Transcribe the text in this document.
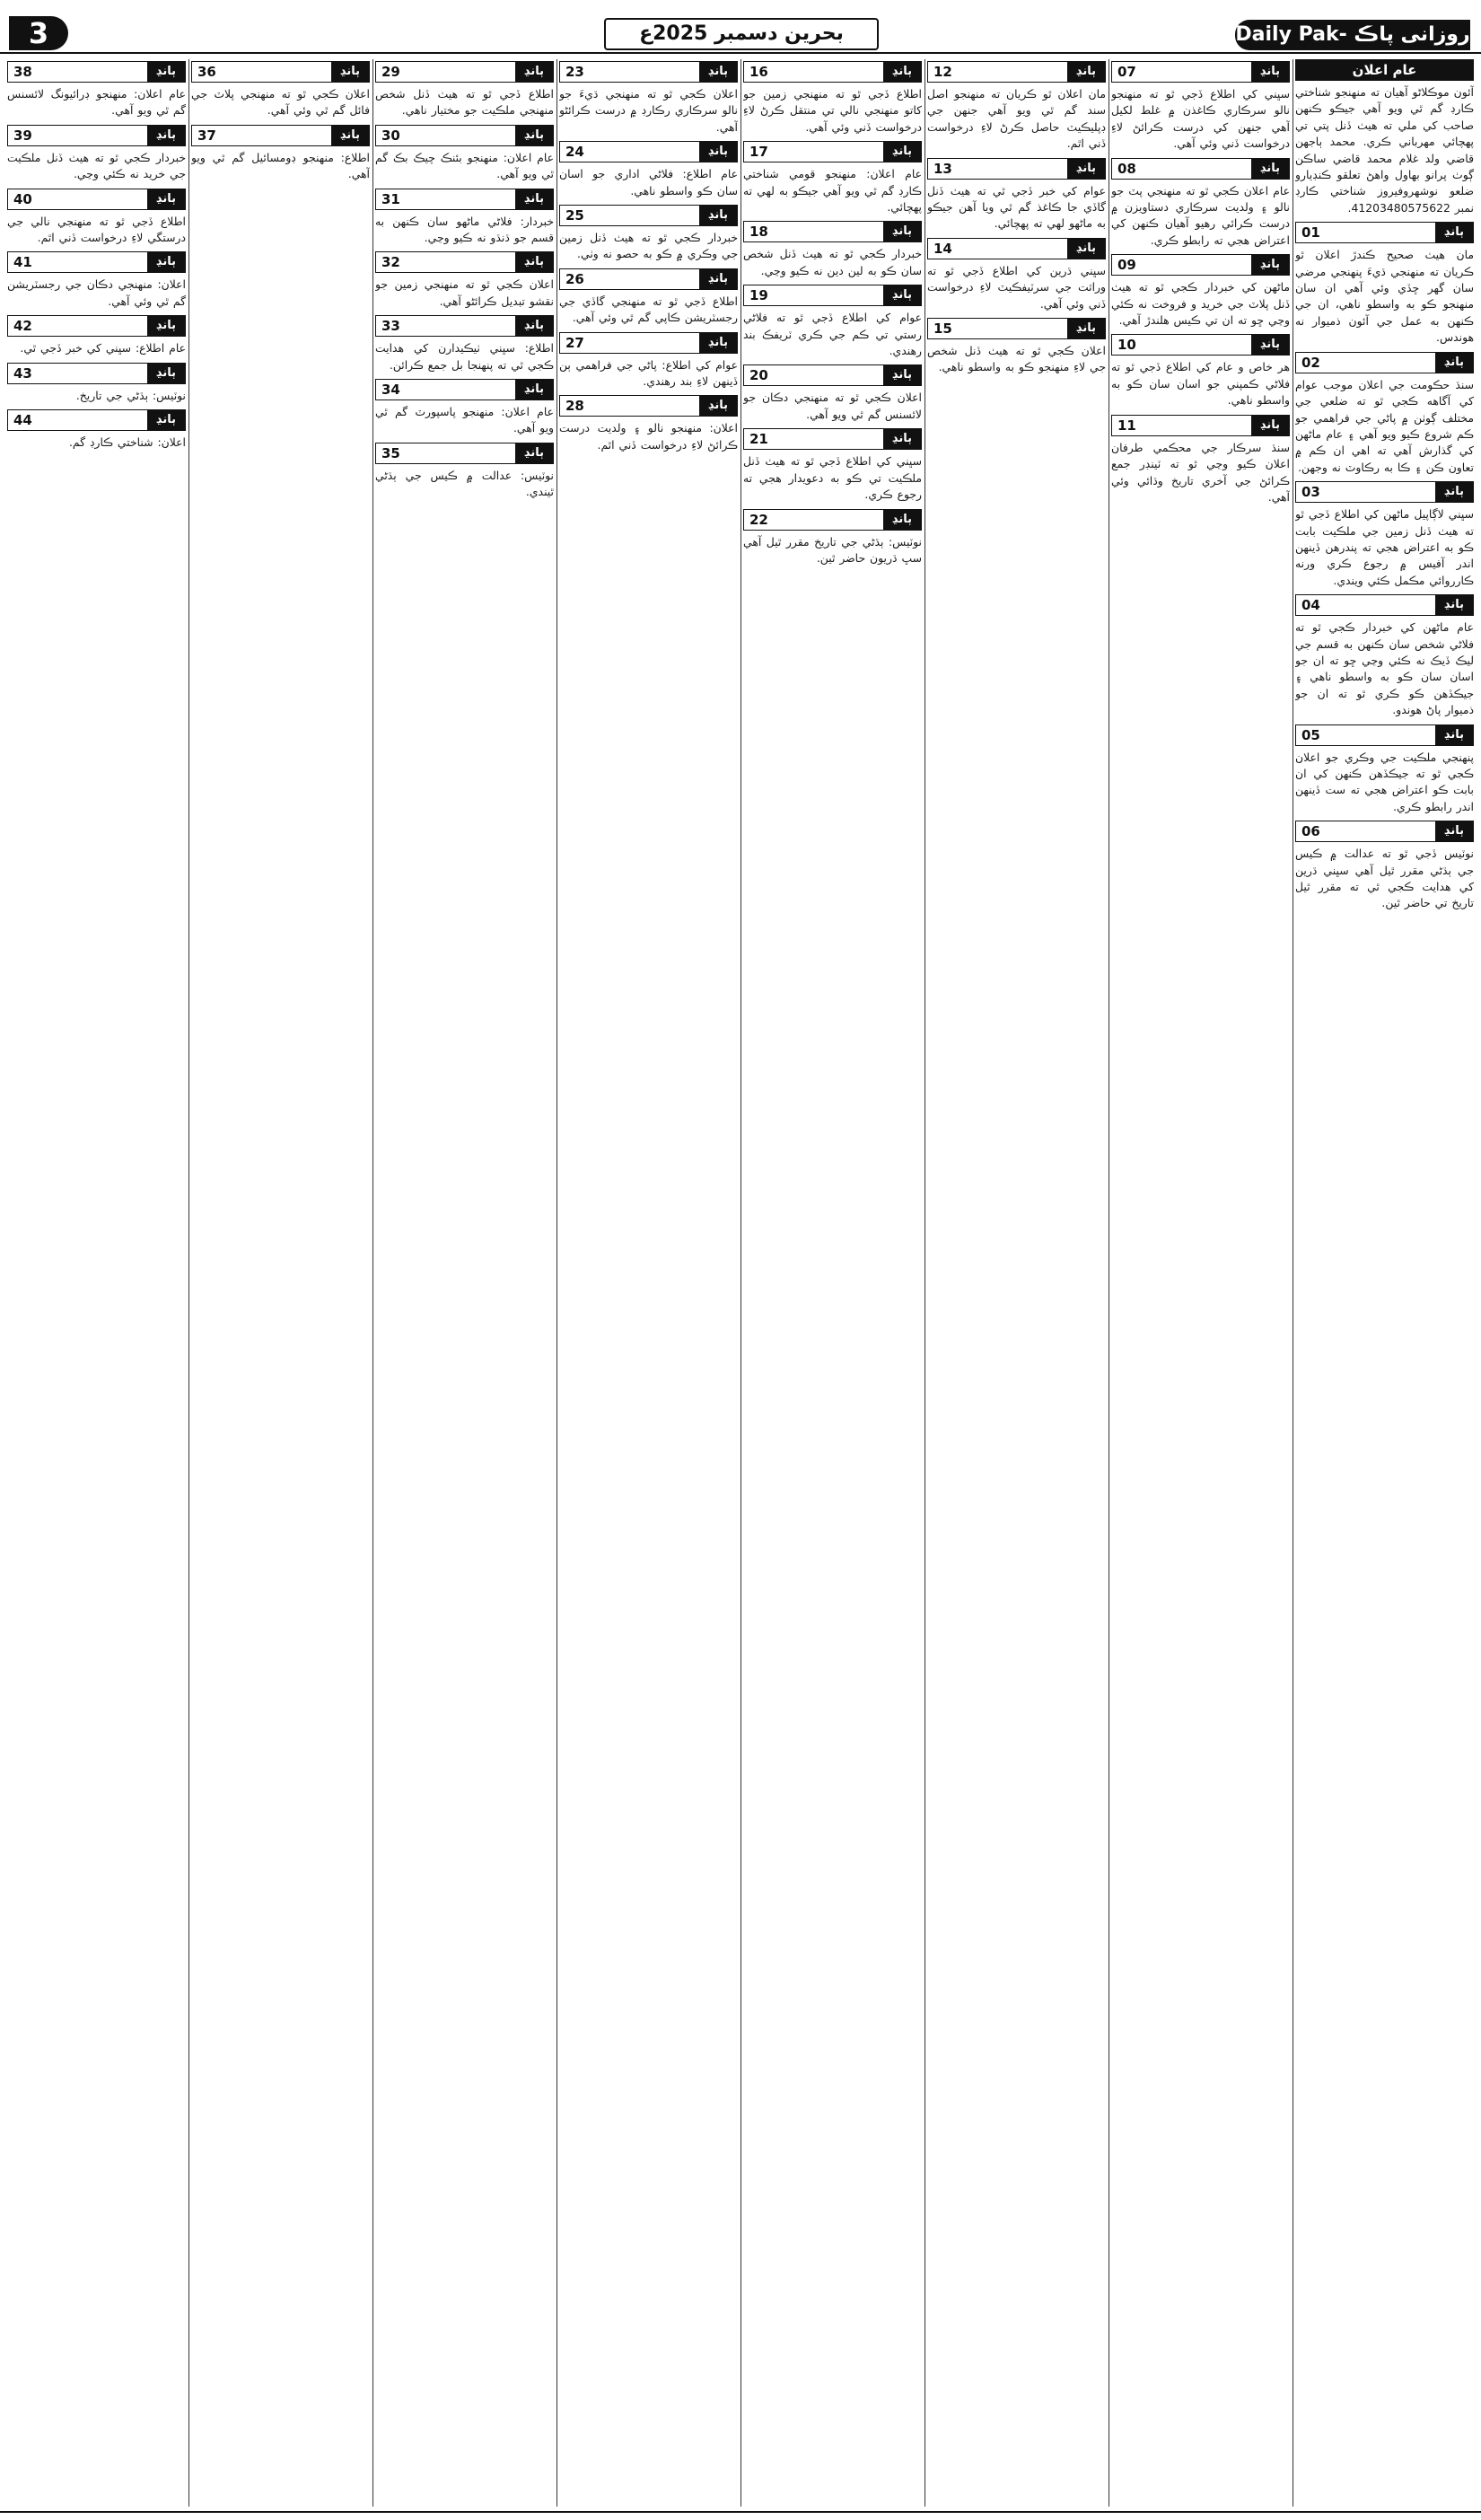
3	بحرین دسمبر 2025ع	Daily Pak- روزانی پاڪ
عام اعلان
آئون موڪلاڻو آهيان ته منهنجو شناختي ڪارڊ گم ٿي ويو آهي جيڪو ڪنهن صاحب کي ملي ته هيٺ ڏنل پتي تي پهچائي مهرباني ڪري. محمد ٻاجهن قاضي ولد غلام محمد قاضي ساڪن ڳوٺ پرانو بهاول واهڻ تعلقو ڪنڊيارو ضلعو نوشهروفيروز شناختي ڪارڊ نمبر 41203480575622.
01	ٻانڍ
مان هيٺ صحيح ڪندڙ اعلان ٿو ڪريان ته منهنجي ڌيءَ پنهنجي مرضي سان گهر ڇڏي وئي آهي ان سان منهنجو ڪو به واسطو ناهي، ان جي ڪنهن به عمل جي آئون ذميوار نه هوندس.
02	ٻانڍ
سنڌ حڪومت جي اعلان موجب عوام کي آگاهه ڪجي ٿو ته ضلعي جي مختلف ڳوٺن ۾ پاڻي جي فراهمي جو ڪم شروع ڪيو ويو آهي ۽ عام ماڻهن کي گذارش آهي ته اهي ان ڪم ۾ تعاون ڪن ۽ ڪا به رڪاوٽ نه وجهن.
03	ٻانڍ
سڀني لاڳاپيل ماڻهن کي اطلاع ڏجي ٿو ته هيٺ ڏنل زمين جي ملڪيت بابت ڪو به اعتراض هجي ته پندرهن ڏينهن اندر آفيس ۾ رجوع ڪري ورنه ڪارروائي مڪمل ڪئي ويندي.
04	ٻانڍ
عام ماڻهن کي خبردار ڪجي ٿو ته فلاڻي شخص سان ڪنهن به قسم جي ليڪ ڏيڪ نه ڪئي وڃي ڇو ته ان جو اسان سان ڪو به واسطو ناهي ۽ جيڪڏهن ڪو ڪري ٿو ته ان جو ذميوار پاڻ هوندو.
05	ٻانڍ
پنهنجي ملڪيت جي وڪري جو اعلان ڪجي ٿو ته جيڪڏهن ڪنهن کي ان بابت ڪو اعتراض هجي ته ست ڏينهن اندر رابطو ڪري.
06	ٻانڍ
نوٽيس ڏجي ٿو ته عدالت ۾ ڪيس جي ٻڌڻي مقرر ٿيل آهي سڀني ڌرين کي هدايت ڪجي ٿي ته مقرر ٿيل تاريخ تي حاضر ٿين.
07	ٻانڍ
سڀني کي اطلاع ڏجي ٿو ته منهنجو نالو سرڪاري ڪاغذن ۾ غلط لکيل آهي جنهن کي درست ڪرائڻ لاءِ درخواست ڏني وئي آهي.
08	ٻانڍ
عام اعلان ڪجي ٿو ته منهنجي پٽ جو نالو ۽ ولديت سرڪاري دستاويزن ۾ درست ڪرائي رهيو آهيان ڪنهن کي اعتراض هجي ته رابطو ڪري.
09	ٻانڍ
ماڻهن کي خبردار ڪجي ٿو ته هيٺ ڏنل پلاٽ جي خريد و فروخت نه ڪئي وڃي ڇو ته ان تي ڪيس هلندڙ آهي.
10	ٻانڍ
هر خاص و عام کي اطلاع ڏجي ٿو ته فلاڻي ڪمپني جو اسان سان ڪو به واسطو ناهي.
11	ٻانڍ
سنڌ سرڪار جي محڪمي طرفان اعلان ڪيو وڃي ٿو ته ٽينڊر جمع ڪرائڻ جي آخري تاريخ وڌائي وئي آهي.
12	ٻانڍ
مان اعلان ٿو ڪريان ته منهنجو اصل سند گم ٿي ويو آهي جنهن جي ڊپليڪيٽ حاصل ڪرڻ لاءِ درخواست ڏني اٿم.
13	ٻانڍ
عوام کي خبر ڏجي ٿي ته هيٺ ڏنل گاڏي جا ڪاغذ گم ٿي ويا آهن جيڪو به ماڻهو لهي ته پهچائي.
14	ٻانڍ
سڀني ڌرين کي اطلاع ڏجي ٿو ته وراثت جي سرٽيفڪيٽ لاءِ درخواست ڏني وئي آهي.
15	ٻانڍ
اعلان ڪجي ٿو ته هيٺ ڏنل شخص جي لاءِ منهنجو ڪو به واسطو ناهي.
16	ٻانڍ
اطلاع ڏجي ٿو ته منهنجي زمين جو کاتو منهنجي نالي تي منتقل ڪرڻ لاءِ درخواست ڏني وئي آهي.
17	ٻانڍ
عام اعلان: منهنجو قومي شناختي ڪارڊ گم ٿي ويو آهي جيڪو به لهي ته پهچائي.
18	ٻانڍ
خبردار ڪجي ٿو ته هيٺ ڏنل شخص سان ڪو به لين دين نه ڪيو وڃي.
19	ٻانڍ
عوام کي اطلاع ڏجي ٿو ته فلاڻي رستي تي ڪم جي ڪري ٽريفڪ بند رهندي.
20	ٻانڍ
اعلان ڪجي ٿو ته منهنجي دڪان جو لائسنس گم ٿي ويو آهي.
21	ٻانڍ
سڀني کي اطلاع ڏجي ٿو ته هيٺ ڏنل ملڪيت تي ڪو به دعويدار هجي ته رجوع ڪري.
22	ٻانڍ
نوٽيس: ٻڌڻي جي تاريخ مقرر ٿيل آهي سڀ ڌريون حاضر ٿين.
23	ٻانڍ
اعلان ڪجي ٿو ته منهنجي ڌيءَ جو نالو سرڪاري رڪارڊ ۾ درست ڪرائڻو آهي.
24	ٻانڍ
عام اطلاع: فلاڻي اداري جو اسان سان ڪو واسطو ناهي.
25	ٻانڍ
خبردار ڪجي ٿو ته هيٺ ڏنل زمين جي وڪري ۾ ڪو به حصو نه وٺي.
26	ٻانڍ
اطلاع ڏجي ٿو ته منهنجي گاڏي جي رجسٽريشن ڪاپي گم ٿي وئي آهي.
27	ٻانڍ
عوام کي اطلاع: پاڻي جي فراهمي ٻن ڏينهن لاءِ بند رهندي.
28	ٻانڍ
اعلان: منهنجو نالو ۽ ولديت درست ڪرائڻ لاءِ درخواست ڏني اٿم.
29	ٻانڍ
اطلاع ڏجي ٿو ته هيٺ ڏنل شخص منهنجي ملڪيت جو مختيار ناهي.
30	ٻانڍ
عام اعلان: منهنجو بئنڪ چيڪ بڪ گم ٿي ويو آهي.
31	ٻانڍ
خبردار: فلاڻي ماڻهو سان ڪنهن به قسم جو ڌنڌو نه ڪيو وڃي.
32	ٻانڍ
اعلان ڪجي ٿو ته منهنجي زمين جو نقشو تبديل ڪرائڻو آهي.
33	ٻانڍ
اطلاع: سڀني ٺيڪيدارن کي هدايت ڪجي ٿي ته پنهنجا بل جمع ڪرائن.
34	ٻانڍ
عام اعلان: منهنجو پاسپورٽ گم ٿي ويو آهي.
35	ٻانڍ
نوٽيس: عدالت ۾ ڪيس جي ٻڌڻي ٿيندي.
36	ٻانڍ
اعلان ڪجي ٿو ته منهنجي پلاٽ جي فائل گم ٿي وئي آهي.
37	ٻانڍ
اطلاع: منهنجو ڊومسائيل گم ٿي ويو آهي.
38	ٻانڍ
عام اعلان: منهنجو ڊرائيونگ لائسنس گم ٿي ويو آهي.
39	ٻانڍ
خبردار ڪجي ٿو ته هيٺ ڏنل ملڪيت جي خريد نه ڪئي وڃي.
40	ٻانڍ
اطلاع ڏجي ٿو ته منهنجي نالي جي درستگي لاءِ درخواست ڏني اٿم.
41	ٻانڍ
اعلان: منهنجي دڪان جي رجسٽريشن گم ٿي وئي آهي.
42	ٻانڍ
عام اطلاع: سڀني کي خبر ڏجي ٿي.
43	ٻانڍ
نوٽيس: ٻڌڻي جي تاريخ.
44	ٻانڍ
اعلان: شناختي ڪارڊ گم.
